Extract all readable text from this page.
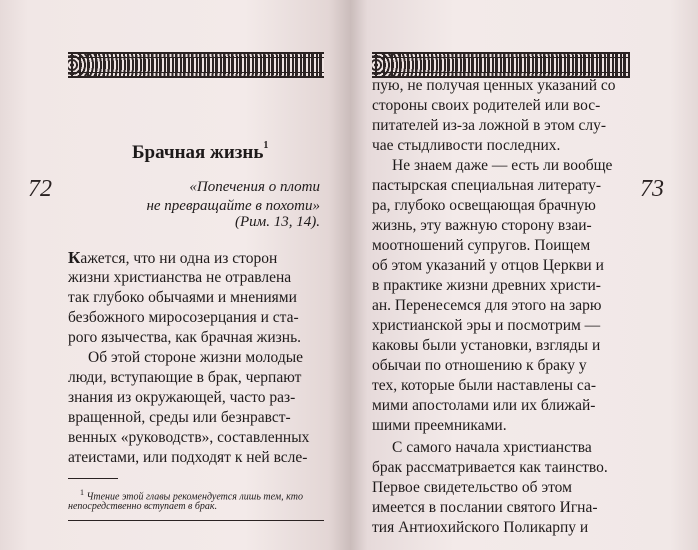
72
Брачная жизнь$^1$
«Попечения о плоти
не превращайте в похоти»
(Рим. 13, 14).
Кажется, что ни одна из сторон
жизни христианства не отравлена
так глубоко обычаями и мнениями
безбожного миросозерцания и ста-
рого язычества, как брачная жизнь.
Об этой стороне жизни молодые
люди, вступающие в брак, черпают
знания из окружающей, часто раз-
вращенной, среды или безнравст-
венных «руководств», составленных
атеистами, или подходят к ней всле-
$^1$ Чтение этой главы рекомендуется лишь тем, кто
непосредственно вступает в брак.
73
пую, не получая ценных указаний со
стороны своих родителей или вос-
питателей из-за ложной в этом слу-
чае стыдливости последних.
Не знаем даже — есть ли вообще
пастырская специальная литерату-
ра, глубоко освещающая брачную
жизнь, эту важную сторону взаи-
моотношений супругов. Поищем
об этом указаний у отцов Церкви и
в практике жизни древних христи-
ан. Перенесемся для этого на зарю
христианской эры и посмотрим —
каковы были установки, взгляды и
обычаи по отношению к браку у
тех, которые были наставлены са-
мими апостолами или их ближай-
шими преемниками.
С самого начала христианства
брак рассматривается как таинство.
Первое свидетельство об этом
имеется в послании святого Игна-
тия Антиохийского Поликарпу и
